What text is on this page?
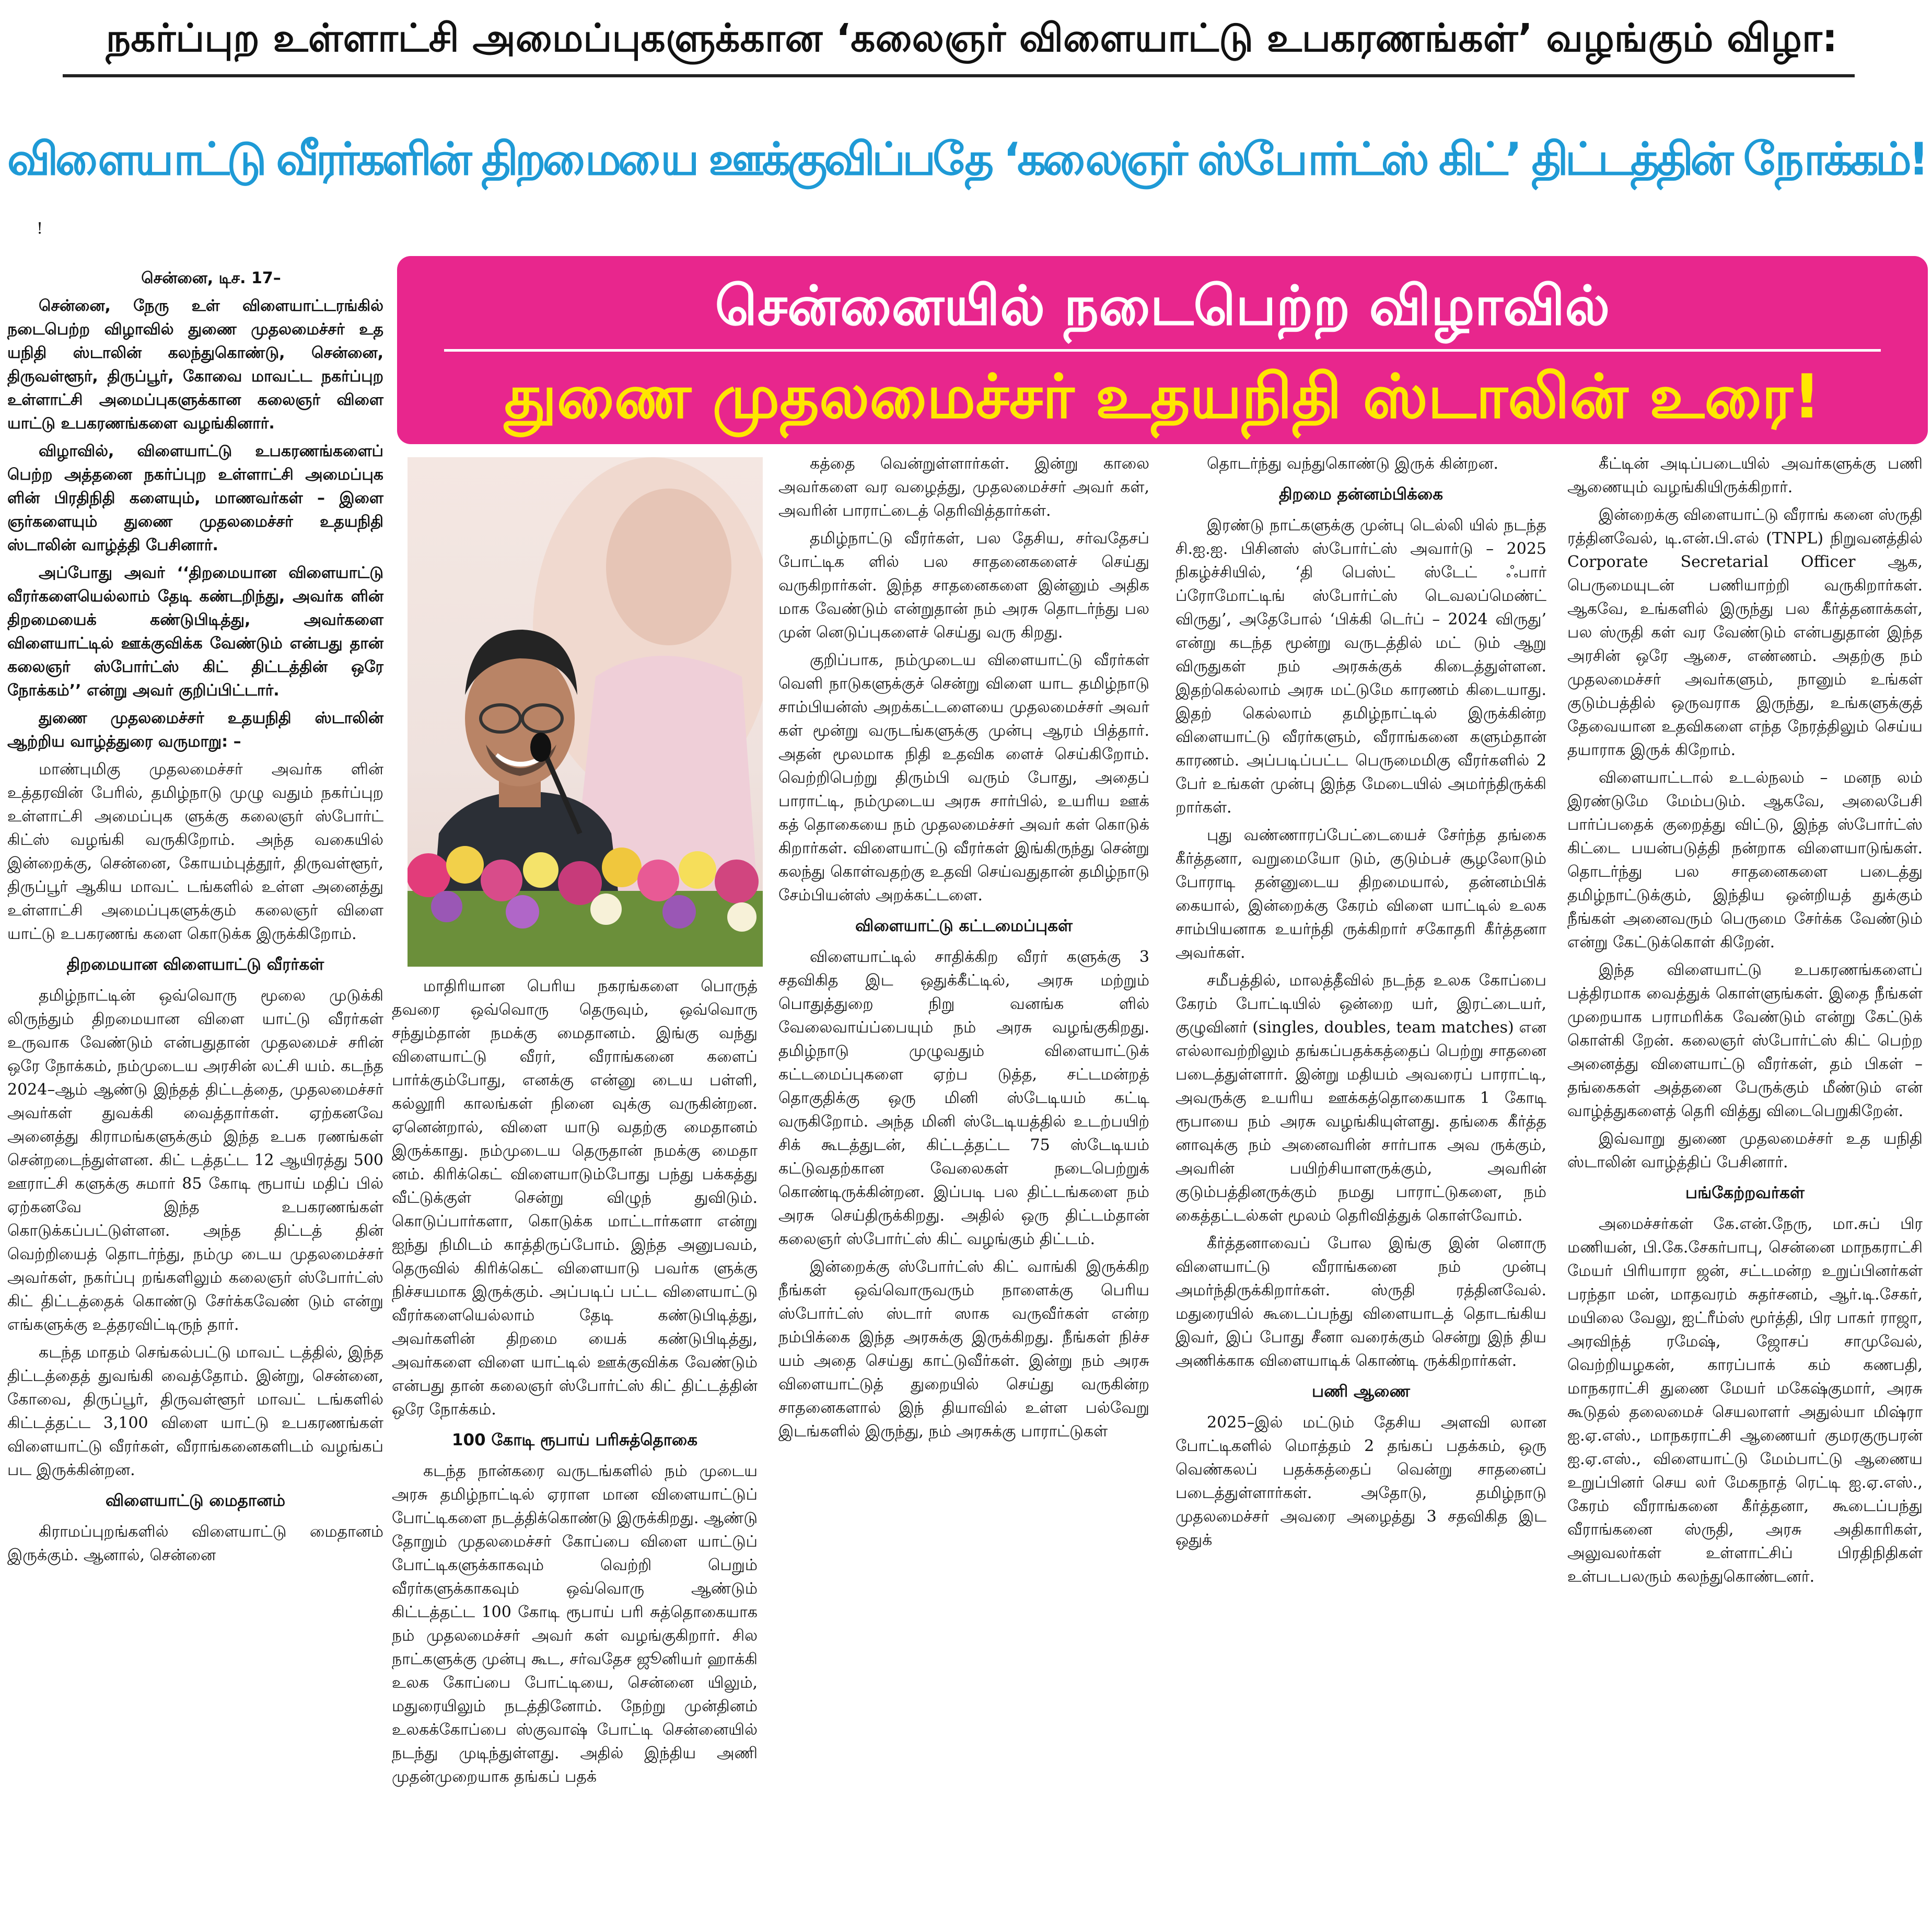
நகர்ப்புற உள்ளாட்சி அமைப்புகளுக்கான ‘கலைஞர் விளையாட்டு உபகரணங்கள்’ வழங்கும் விழா:
விளையாட்டு வீரர்களின் திறமையை ஊக்குவிப்பதே ‘கலைஞர் ஸ்போர்ட்ஸ் கிட்’ திட்டத்தின் நோக்கம்!
!
சென்னையில் நடைபெற்ற விழாவில்
துணை முதலமைச்சர் உதயநிதி ஸ்டாலின் உரை!

சென்னை, டிச. 17–

சென்னை, நேரு உள் விளையாட்டரங்கில் நடைபெற்ற விழாவில் துணை முதலமைச்சர் உத யநிதி ஸ்டாலின் கலந்துகொண்டு, சென்னை, திருவள்ளூர், திருப்பூர், கோவை மாவட்ட நகர்ப்புற உள்ளாட்சி அமைப்புகளுக்கான கலைஞர் விளை யாட்டு உபகரணங்களை வழங்கினார்.

விழாவில், விளையாட்டு உபகரணங்களைப் பெற்ற அத்தனை நகர்ப்புற உள்ளாட்சி அமைப்புக ளின் பிரதிநிதி களையும், மாணவர்கள் – இளை ஞர்களையும் துணை முதலமைச்சர் உதயநிதி ஸ்டாலின் வாழ்த்தி பேசினார்.

அப்போது அவர் ‘‘திறமையான விளையாட்டு வீரர்களையெல்லாம் தேடி கண்டறிந்து, அவர்க ளின் திறமையைக் கண்டுபிடித்து, அவர்களை விளையாட்டில் ஊக்குவிக்க வேண்டும் என்பது தான் கலைஞர் ஸ்போர்ட்ஸ் கிட் திட்டத்தின் ஒரே நோக்கம்’’ என்று அவர் குறிப்பிட்டார்.

துணை முதலமைச்சர் உதயநிதி ஸ்டாலின் ஆற்றிய வாழ்த்துரை வருமாறு: –

மாண்புமிகு முதலமைச்சர் அவர்க ளின் உத்தரவின் பேரில், தமிழ்நாடு முழு வதும் நகர்ப்புற உள்ளாட்சி அமைப்புக ளுக்கு கலைஞர் ஸ்போர்ட் கிட்ஸ் வழங்கி வருகிறோம். அந்த வகையில் இன்றைக்கு, சென்னை, கோயம்புத்தூர், திருவள்ளூர், திருப்பூர் ஆகிய மாவட் டங்களில் உள்ள அனைத்து உள்ளாட்சி அமைப்புகளுக்கும் கலைஞர் விளை யாட்டு உபகரணங் களை கொடுக்க இருக்கிறோம்.

திறமையான விளையாட்டு வீரர்கள்

தமிழ்நாட்டின் ஒவ்வொரு மூலை முடுக்கி லிருந்தும் திறமையான விளை யாட்டு வீரர்கள் உருவாக வேண்டும் என்பதுதான் முதலமைச் சரின் ஒரே நோக்கம், நம்முடைய அரசின் லட்சி யம். கடந்த 2024–ஆம் ஆண்டு இந்தத் திட்டத்தை, முதலமைச்சர் அவர்கள் துவக்கி வைத்தார்கள். ஏற்கனவே அனைத்து கிராமங்களுக்கும் இந்த உபக ரணங்கள் சென்றடைந்துள்ளன. கிட் டத்தட்ட 12 ஆயிரத்து 500 ஊராட்சி களுக்கு சுமார் 85 கோடி ரூபாய் மதிப் பில் ஏற்கனவே இந்த உபகரணங்கள் கொடுக்கப்பட்டுள்ளன. அந்த திட்டத் தின் வெற்றியைத் தொடர்ந்து, நம்மு டைய முதலமைச்சர் அவர்கள், நகர்ப்பு றங்களிலும் கலைஞர் ஸ்போர்ட்ஸ் கிட் திட்டத்தைக் கொண்டு சேர்க்கவேண் டும் என்று எங்களுக்கு உத்தரவிட்டிருந் தார்.

கடந்த மாதம் செங்கல்பட்டு மாவட் டத்தில், இந்த திட்டத்தைத் துவங்கி வைத்தோம். இன்று, சென்னை, கோவை, திருப்பூர், திருவள்ளூர் மாவட் டங்களில் கிட்டத்தட்ட 3,100 விளை யாட்டு உபகரணங்கள் விளையாட்டு வீரர்கள், வீராங்கனைகளிடம் வழங்கப் பட இருக்கின்றன.

விளையாட்டு மைதானம்

கிராமப்புறங்களில் விளையாட்டு மைதானம் இருக்கும். ஆனால், சென்னை

மாதிரியான பெரிய நகரங்களை பொருத் தவரை ஒவ்வொரு தெருவும், ஒவ்வொரு சந்தும்தான் நமக்கு மைதானம். இங்கு வந்து விளையாட்டு வீரர், வீராங்கனை களைப் பார்க்கும்போது, எனக்கு என்னு டைய பள்ளி, கல்லூரி காலங்கள் நினை வுக்கு வருகின்றன. ஏனென்றால், விளை யாடு வதற்கு மைதானம் இருக்காது. நம்முடைய தெருதான் நமக்கு மைதா னம். கிரிக்கெட் விளையாடும்போது பந்து பக்கத்து வீட்டுக்குள் சென்று விழுந் துவிடும். கொடுப்பார்களா, கொடுக்க மாட்டார்களா என்று ஐந்து நிமிடம் காத்திருப்போம். இந்த அனுபவம், தெருவில் கிரிக்கெட் விளையாடு பவர்க ளுக்கு நிச்சயமாக இருக்கும். அப்படிப் பட்ட விளையாட்டு வீரர்களையெல்லாம் தேடி கண்டுபிடித்து, அவர்களின் திறமை யைக் கண்டுபிடித்து, அவர்களை விளை யாட்டில் ஊக்குவிக்க வேண்டும் என்பது தான் கலைஞர் ஸ்போர்ட்ஸ் கிட் திட்டத்தின் ஒரே நோக்கம்.

100 கோடி ரூபாய் பரிசுத்தொகை

கடந்த நான்கரை வருடங்களில் நம் முடைய அரசு தமிழ்நாட்டில் ஏராள மான விளையாட்டுப் போட்டிகளை நடத்திக்கொண்டு இருக்கிறது. ஆண்டு தோறும் முதலமைச்சர் கோப்பை விளை யாட்டுப் போட்டிகளுக்காகவும் வெற்றி பெறும் வீரர்களுக்காகவும் ஒவ்வொரு ஆண்டும் கிட்டத்தட்ட 100 கோடி ரூபாய் பரி சுத்தொகையாக நம் முதலமைச்சர் அவர் கள் வழங்குகிறார். சில நாட்களுக்கு முன்பு கூட, சர்வதேச ஜூனியர் ஹாக்கி உலக கோப்பை போட்டியை, சென்னை யிலும், மதுரையிலும் நடத்தினோம். நேற்று முன்தினம் உலகக்கோப்பை ஸ்குவாஷ் போட்டி சென்னையில் நடந்து முடிந்துள்ளது. அதில் இந்திய அணி முதன்முறையாக தங்கப் பதக்

கத்தை வென்றுள்ளார்கள். இன்று காலை அவர்களை வர வழைத்து, முதலமைச்சர் அவர் கள், அவரின் பாராட்டைத் தெரிவித்தார்கள்.

தமிழ்நாட்டு வீரர்கள், பல தேசிய, சர்வதேசப் போட்டிக ளில் பல சாதனைகளைச் செய்து வருகிறார்கள். இந்த சாதனைகளை இன்னும் அதிக மாக வேண்டும் என்றுதான் நம் அரசு தொடர்ந்து பல முன் னெடுப்புகளைச் செய்து வரு கிறது.

குறிப்பாக, நம்முடைய விளையாட்டு வீரர்கள் வெளி நாடுகளுக்குச் சென்று விளை யாட தமிழ்நாடு சாம்பியன்ஸ் அறக்கட்டளையை முதலமைச்சர் அவர் கள் மூன்று வருடங்களுக்கு முன்பு ஆரம் பித்தார். அதன் மூலமாக நிதி உதவிக ளைச் செய்கிறோம். வெற்றிபெற்று திரும்பி வரும் போது, அதைப் பாராட்டி, நம்முடைய அரசு சார்பில், உயரிய ஊக் கத் தொகையை நம் முதலமைச்சர் அவர் கள் கொடுக் கிறார்கள். விளையாட்டு வீரர்கள் இங்கிருந்து சென்று கலந்து கொள்வதற்கு உதவி செய்வதுதான் தமிழ்நாடு சேம்பியன்ஸ் அறக்கட்டளை.

விளையாட்டு கட்டமைப்புகள்

விளையாட்டில் சாதிக்கிற வீரர் களுக்கு 3 சதவிகித இட ஒதுக்கீட்டில், அரசு மற்றும் பொதுத்துறை நிறு வனங்க ளில் வேலைவாய்ப்பையும் நம் அரசு வழங்குகிறது. தமிழ்நாடு முழுவதும் விளையாட்டுக் கட்டமைப்புகளை ஏற்ப டுத்த, சட்டமன்றத் தொகுதிக்கு ஒரு மினி ஸ்டேடியம் கட்டி வருகிறோம். அந்த மினி ஸ்டேடியத்தில் உடற்பயிற் சிக் கூடத்துடன், கிட்டத்தட்ட 75 ஸ்டேடியம் கட்டுவதற்கான வேலைகள் நடைபெற்றுக் கொண்டிருக்கின்றன. இப்படி பல திட்டங்களை நம் அரசு செய்திருக்கிறது. அதில் ஒரு திட்டம்தான் கலைஞர் ஸ்போர்ட்ஸ் கிட் வழங்கும் திட்டம்.

இன்றைக்கு ஸ்போர்ட்ஸ் கிட் வாங்கி இருக்கிற நீங்கள் ஒவ்வொருவரும் நாளைக்கு பெரிய ஸ்போர்ட்ஸ் ஸ்டார் ஸாக வருவீர்கள் என்ற நம்பிக்கை இந்த அரசுக்கு இருக்கிறது. நீங்கள் நிச்ச யம் அதை செய்து காட்டுவீர்கள். இன்று நம் அரசு விளையாட்டுத் துறையில் செய்து வருகின்ற சாதனைகளால் இந் தியாவில் உள்ள பல்வேறு இடங்களில் இருந்து, நம் அரசுக்கு பாராட்டுகள்

தொடர்ந்து வந்துகொண்டு இருக் கின்றன.

திறமை தன்னம்பிக்கை

இரண்டு நாட்களுக்கு முன்பு டெல்லி யில் நடந்த சி.ஐ.ஐ. பிசினஸ் ஸ்போர்ட்ஸ் அவார்டு – 2025 நிகழ்ச்சியில், ‘தி பெஸ்ட் ஸ்டேட் ஃபார் ப்ரோமோட்டிங் ஸ்போர்ட்ஸ் டெவலப்மெண்ட் விருது’, அதேபோல் ‘பிக்கி டெர்ப் – 2024 விருது’ என்று கடந்த மூன்று வருடத்தில் மட் டும் ஆறு விருதுகள் நம் அரசுக்குக் கிடைத்துள்ளன. இதற்கெல்லாம் அரசு மட்டுமே காரணம் கிடையாது. இதற் கெல்லாம் தமிழ்நாட்டில் இருக்கின்ற விளையாட்டு வீரர்களும், வீராங்கனை களும்தான் காரணம். அப்படிப்பட்ட பெருமைமிகு வீரர்களில் 2 பேர் உங்கள் முன்பு இந்த மேடையில் அமர்ந்திருக்கி றார்கள்.

புது வண்ணாரப்பேட்டையைச் சேர்ந்த தங்கை கீர்த்தனா, வறுமையோ டும், குடும்பச் சூழலோடும் போராடி தன்னுடைய திறமையால், தன்னம்பிக் கையால், இன்றைக்கு கேரம் விளை யாட்டில் உலக சாம்பியனாக உயர்ந்தி ருக்கிறார் சகோதரி கீர்த்தனா அவர்கள்.

சமீபத்தில், மாலத்தீவில் நடந்த உலக கோப்பை கேரம் போட்டியில் ஒன்றை யர், இரட்டையர், குழுவினர் (singles, doubles, team matches) என எல்லாவற்றிலும் தங்கப்பதக்கத்தைப் பெற்று சாதனை படைத்துள்ளார். இன்று மதியம் அவரைப் பாராட்டி, அவருக்கு உயரிய ஊக்கத்தொகையாக 1 கோடி ரூபாயை நம் அரசு வழங்கியுள்ளது. தங்கை கீர்த்த னாவுக்கு நம் அனைவரின் சார்பாக அவ ருக்கும், அவரின் பயிற்சியாளருக்கும், அவரின் குடும்பத்தினருக்கும் நமது பாராட்டுகளை, நம் கைத்தட்டல்கள் மூலம் தெரிவித்துக் கொள்வோம்.

கீர்த்தனாவைப் போல இங்கு இன் னொரு விளையாட்டு வீராங்கனை நம் முன்பு அமர்ந்திருக்கிறார்கள். ஸ்ருதி ரத்தினவேல். மதுரையில் கூடைப்பந்து விளையாடத் தொடங்கிய இவர், இப் போது சீனா வரைக்கும் சென்று இந் திய அணிக்காக விளையாடிக் கொண்டி ருக்கிறார்கள்.

பணி ஆணை

2025–இல் மட்டும் தேசிய அளவி லான போட்டிகளில் மொத்தம் 2 தங்கப் பதக்கம், ஒரு வெண்கலப் பதக்கத்தைப் வென்று சாதனைப் படைத்துள்ளார்கள். அதோடு, தமிழ்நாடு முதலமைச்சர் அவரை அழைத்து 3 சதவிகித இட ஒதுக்

கீட்டின் அடிப்படையில் அவர்களுக்கு பணி ஆணையும் வழங்கியிருக்கிறார்.

இன்றைக்கு விளையாட்டு வீராங் கனை ஸ்ருதி ரத்தினவேல், டி.என்.பி.எல் (TNPL) நிறுவனத்தில் Corporate Secretarial Officer ஆக, பெருமையுடன் பணியாற்றி வருகிறார்கள். ஆகவே, உங்களில் இருந்து பல கீர்த்தனாக்கள், பல ஸ்ருதி கள் வர வேண்டும் என்பதுதான் இந்த அரசின் ஒரே ஆசை, எண்ணம். அதற்கு நம் முதலமைச்சர் அவர்களும், நானும் உங்கள் குடும்பத்தில் ஒருவராக இருந்து, உங்களுக்குத் தேவையான உதவிகளை எந்த நேரத்திலும் செய்ய தயாராக இருக் கிறோம்.

விளையாட்டால் உடல்நலம் – மனந லம் இரண்டுமே மேம்படும். ஆகவே, அலைபேசி பார்ப்பதைக் குறைத்து விட்டு, இந்த ஸ்போர்ட்ஸ் கிட்டை பயன்படுத்தி நன்றாக விளையாடுங்கள். தொடர்ந்து பல சாதனைகளை படைத்து தமிழ்நாட்டுக்கும், இந்திய ஒன்றியத் துக்கும் நீங்கள் அனைவரும் பெருமை சேர்க்க வேண்டும் என்று கேட்டுக்கொள் கிறேன்.

இந்த விளையாட்டு உபகரணங்களைப் பத்திரமாக வைத்துக் கொள்ளுங்கள். இதை நீங்கள் முறையாக பராமரிக்க வேண்டும் என்று கேட்டுக் கொள்கி றேன். கலைஞர் ஸ்போர்ட்ஸ் கிட் பெற்ற அனைத்து விளையாட்டு வீரர்கள், தம் பிகள் – தங்கைகள் அத்தனை பேருக்கும் மீண்டும் என் வாழ்த்துகளைத் தெரி வித்து விடைபெறுகிறேன்.

இவ்வாறு துணை முதலமைச்சர் உத யநிதி ஸ்டாலின் வாழ்த்திப் பேசினார்.

பங்கேற்றவர்கள்

அமைச்சர்கள் கே.என்.நேரு, மா.சுப் பிர மணியன், பி.கே.சேகர்பாபு, சென்னை மாநகராட்சி மேயர் பிரியாரா ஜன், சட்டமன்ற உறுப்பினர்கள் பரந்தா மன், மாதவரம் சுதர்சனம், ஆர்.டி.சேகர், மயிலை வேலு, ஐட்ரீம்ஸ் மூர்த்தி, பிர பாகர் ராஜா, அரவிந்த் ரமேஷ், ஜோசப் சாமுவேல், வெற்றியழகன், காரப்பாக் கம் கணபதி, மாநகராட்சி துணை மேயர் மகேஷ்குமார், அரசு கூடுதல் தலைமைச் செயலாளர் அதுல்யா மிஷ்ரா ஐ.ஏ.எஸ்., மாநகராட்சி ஆணையர் குமரகுருபரன் ஐ.ஏ.எஸ்., விளையாட்டு மேம்பாட்டு ஆணைய உறுப்பினர் செய லர் மேகநாத் ரெட்டி ஐ.ஏ.எஸ்., கேரம் வீராங்கனை கீர்த்தனா, கூடைப்பந்து வீராங்கனை ஸ்ருதி, அரசு அதிகாரிகள், அலுவலர்கள் உள்ளாட்சிப் பிரதிநிதிகள் உள்படபலரும் கலந்துகொண்டனர்.
